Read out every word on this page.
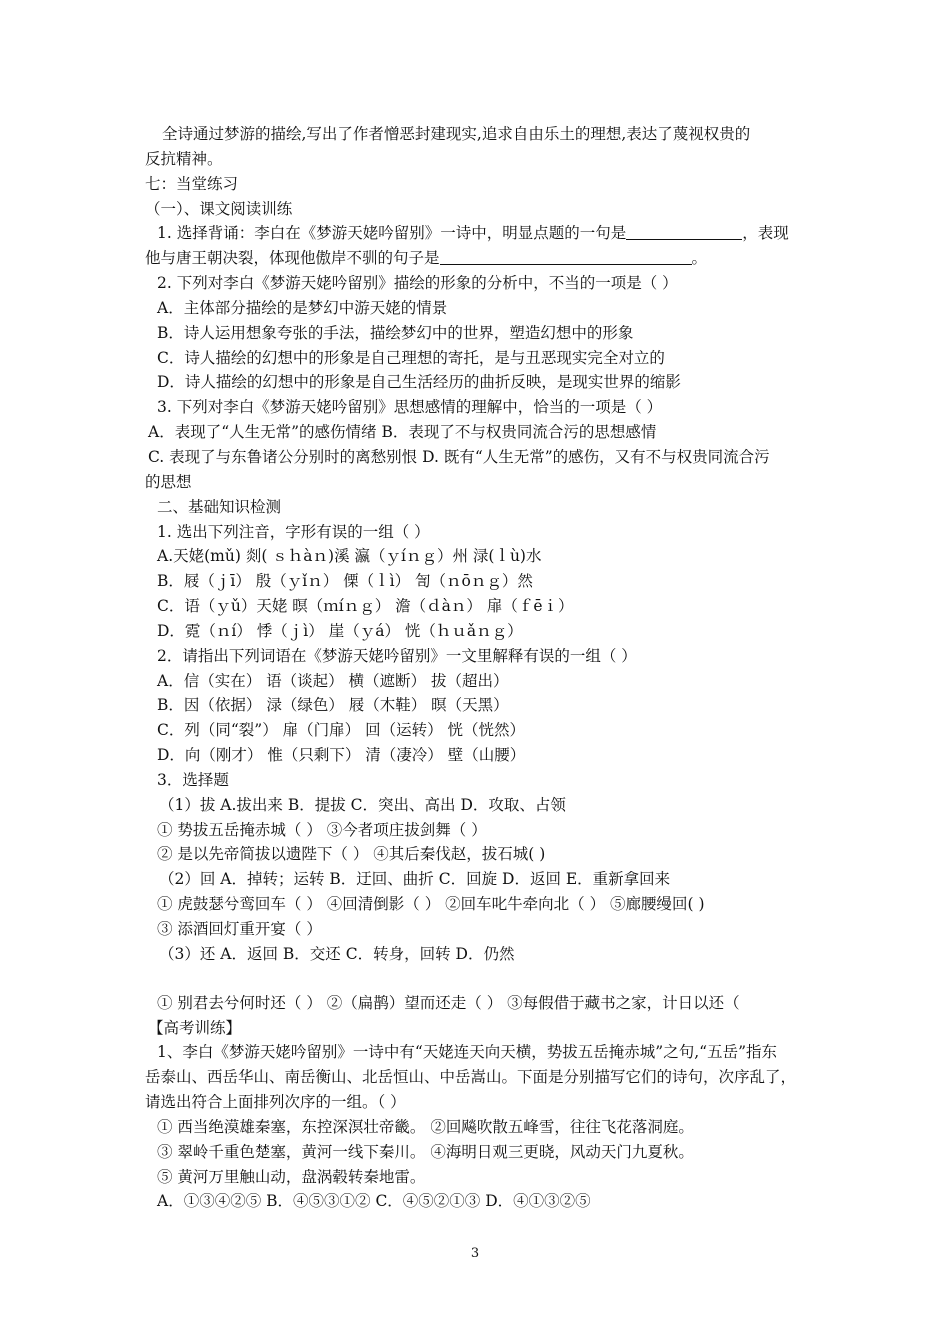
全诗通过梦游的描绘,写出了作者憎恶封建现实,追求自由乐土的理想,表达了蔑视权贵的
反抗精神。
七：当堂练习
（一）、课文阅读训练
1. 选择背诵：李白在《梦游天姥吟留别》一诗中，明显点题的一句是	，表现
他与唐王朝决裂，体现他傲岸不驯的句子是	。
2. 下列对李白《梦游天姥吟留别》描绘的形象的分析中，不当的一项是（ ）
A．主体部分描绘的是梦幻中游天姥的情景
B．诗人运用想象夸张的手法，描绘梦幻中的世界，塑造幻想中的形象
C．诗人描绘的幻想中的形象是自己理想的寄托，是与丑恶现实完全对立的
D．诗人描绘的幻想中的形象是自己生活经历的曲折反映，是现实世界的缩影
3. 下列对李白《梦游天姥吟留别》思想感情的理解中，恰当的一项是（ ）
A．表现了“人生无常”的感伤情绪 B．表现了不与权贵同流合污的思想感情
C. 表现了与东鲁诸公分别时的离愁别恨 D. 既有“人生无常”的感伤，又有不与权贵同流合污
的思想
二、基础知识检测
1. 选出下列注音，字形有误的一组（ ）
A.天姥(mǔ) 剡( ｓｈàｎ)溪 瀛（ｙíｎｇ）州 渌(ｌù)水
B．屐（ｊī） 殷（ｙǐｎ） 傈（ｌì） 訇（ｎōｎｇ）然
C．语（ｙǔ）天姥 暝（ｍíｎｇ） 澹（ｄàｎ） 扉（ｆēｉ）
D．霓（ｎí） 悸（ｊì） 崖（ｙá） 恍（ｈｕǎｎｇ）
2．请指出下列词语在《梦游天姥吟留别》一文里解释有误的一组（ ）
A．信（实在） 语（谈起） 横（遮断） 拔（超出）
B．因（依据） 渌（绿色） 屐（木鞋） 暝（天黑）
C．列（同“裂”） 扉（门扉） 回（运转） 恍（恍然）
D．向（刚才） 惟（只剩下） 清（凄冷） 壁（山腰）
3．选择题
（1）拔 A.拔出来 B．提拔 C．突出、高出 D．攻取、占领
① 势拔五岳掩赤城（ ） ③今者项庄拔剑舞（ ）
② 是以先帝简拔以遗陛下（ ） ④其后秦伐赵，拔石城( )
（2）回 A．掉转；运转 B．迂回、曲折 C．回旋 D．返回 E．重新拿回来
① 虎鼓瑟兮鸾回车（ ） ④回清倒影（ ） ②回车叱牛牵向北（ ） ⑤廊腰缦回( )
③ 添酒回灯重开宴（ ）
（3）还 A．返回 B．交还 C．转身，回转 D．仍然
① 别君去兮何时还（ ） ②（扁鹊）望而还走（ ） ③每假借于藏书之家，计日以还（
【高考训练】
1、李白《梦游天姥吟留别》一诗中有“天姥连天向天横，势拔五岳掩赤城”之句,“五岳”指东
岳泰山、西岳华山、南岳衡山、北岳恒山、中岳嵩山。下面是分别描写它们的诗句，次序乱了，
请选出符合上面排列次序的一组。（ ）
① 西当绝漠雄秦塞，东控深溟壮帝畿。 ②回飚吹散五峰雪，往往飞花落洞庭。
③ 翠岭千重色楚塞，黄河一线下秦川。 ④海明日观三更晓，风动天门九夏秋。
⑤ 黄河万里触山动，盘涡毂转秦地雷。
A．①③④②⑤ B．④⑤③①② C．④⑤②①③ D．④①③②⑤
3
